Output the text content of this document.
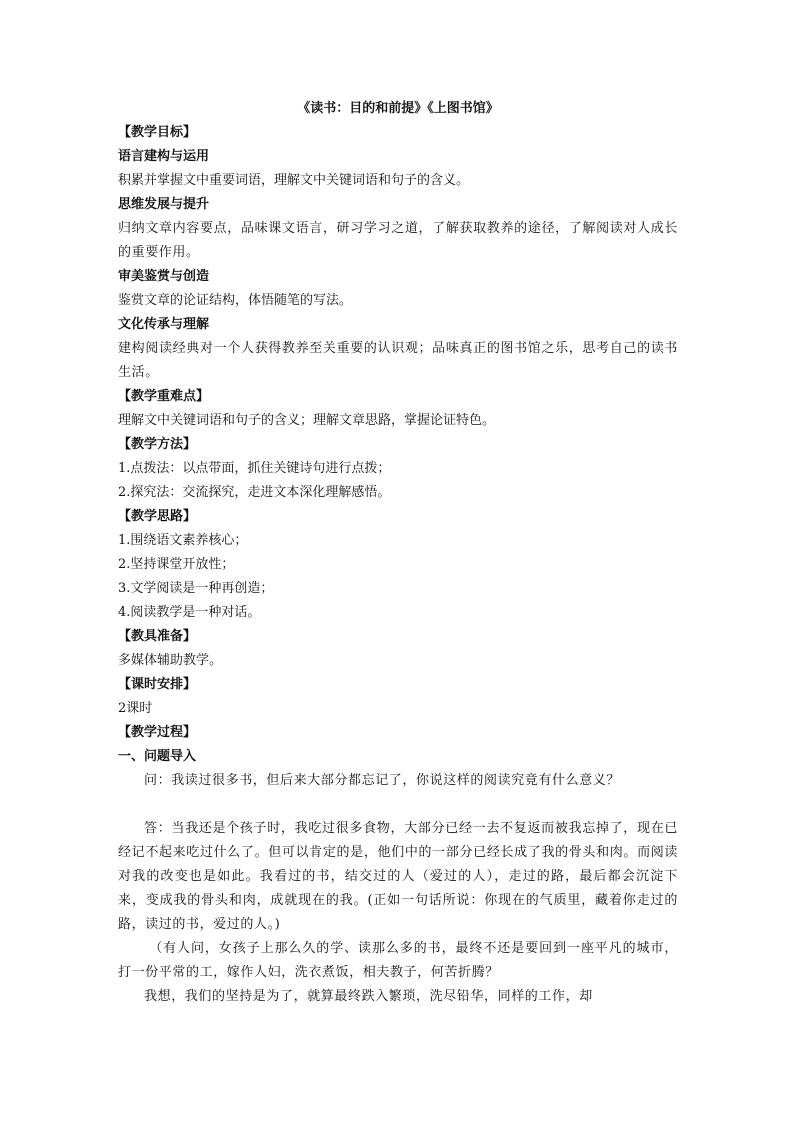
《读书：目的和前提》《上图书馆》
【教学目标】
语言建构与运用
积累并掌握文中重要词语，理解文中关键词语和句子的含义。
思维发展与提升
归纳文章内容要点，品味课文语言，研习学习之道，了解获取教养的途径，了解阅读对人成长的重要作用。
审美鉴赏与创造
鉴赏文章的论证结构，体悟随笔的写法。
文化传承与理解
建构阅读经典对一个人获得教养至关重要的认识观；品味真正的图书馆之乐，思考自己的读书生活。
【教学重难点】
理解文中关键词语和句子的含义；理解文章思路，掌握论证特色。
【教学方法】
1.点拨法：以点带面，抓住关键诗句进行点拨；
2.探究法：交流探究，走进文本深化理解感悟。
【教学思路】
1.围绕语文素养核心；
2.坚持课堂开放性；
3.文学阅读是一种再创造；
4.阅读教学是一种对话。
【教具准备】
多媒体辅助教学。
【课时安排】
2课时
【教学过程】
一、问题导入
问：我读过很多书，但后来大部分都忘记了，你说这样的阅读究竟有什么意义？
答：当我还是个孩子时，我吃过很多食物，大部分已经一去不复返而被我忘掉了，现在已经记不起来吃过什么了。但可以肯定的是，他们中的一部分已经长成了我的骨头和肉。而阅读对我的改变也是如此。我看过的书，结交过的人（爱过的人），走过的路，最后都会沉淀下来，变成我的骨头和肉，成就现在的我。(正如一句话所说：你现在的气质里，藏着你走过的路，读过的书，爱过的人。)
（有人问，女孩子上那么久的学、读那么多的书，最终不还是要回到一座平凡的城市，打一份平常的工，嫁作人妇，洗衣煮饭，相夫教子，何苦折腾？
我想，我们的坚持是为了，就算最终跌入繁琐，洗尽铅华，同样的工作，却
